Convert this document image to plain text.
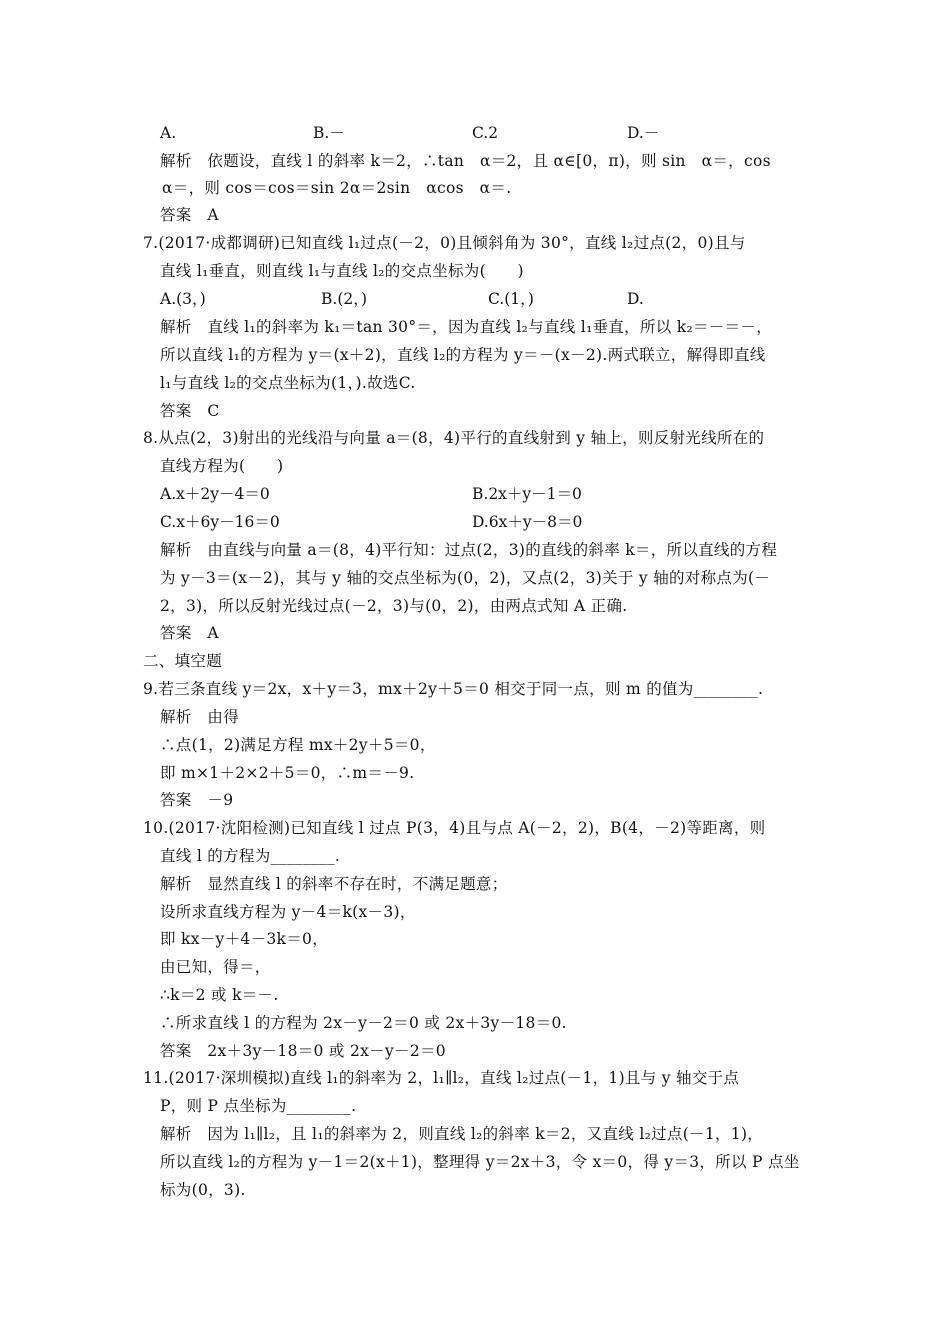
A.	B.－	C.2	D.－
解析　依题设，直线 l 的斜率 k＝2，∴tan　α＝2，且 α∈[0，π)，则 sin　α＝，cos
α＝，则 cos＝cos＝sin 2α＝2sin　αcos　α＝.
答案　A
7.(2017·成都调研)已知直线 l₁过点(－2，0)且倾斜角为 30°，直线 l₂过点(2，0)且与
直线 l₁垂直，则直线 l₁与直线 l₂的交点坐标为(　　)
A.(3，)	B.(2，)	C.(1，)	D.
解析　直线 l₁的斜率为 k₁＝tan 30°＝，因为直线 l₂与直线 l₁垂直，所以 k₂＝－＝－，
所以直线 l₁的方程为 y＝(x＋2)，直线 l₂的方程为 y＝－(x－2).两式联立，解得即直线
l₁与直线 l₂的交点坐标为(1，).故选C.
答案　C
8.从点(2，3)射出的光线沿与向量 a＝(8，4)平行的直线射到 y 轴上，则反射光线所在的
直线方程为(　　)
A.x＋2y－4＝0	B.2x＋y－1＝0
C.x＋6y－16＝0	D.6x＋y－8＝0
解析　由直线与向量 a＝(8，4)平行知：过点(2，3)的直线的斜率 k＝，所以直线的方程
为 y－3＝(x－2)，其与 y 轴的交点坐标为(0，2)，又点(2，3)关于 y 轴的对称点为(－
2，3)，所以反射光线过点(－2，3)与(0，2)，由两点式知 A 正确.
答案　A
二、填空题
9.若三条直线 y＝2x，x＋y＝3，mx＋2y＋5＝0 相交于同一点，则 m 的值为________.
解析　由得
∴点(1，2)满足方程 mx＋2y＋5＝0，
即 m×1＋2×2＋5＝0，∴m＝－9.
答案　－9
10.(2017·沈阳检测)已知直线 l 过点 P(3，4)且与点 A(－2，2)，B(4，－2)等距离，则
直线 l 的方程为________.
解析　显然直线 l 的斜率不存在时，不满足题意；
设所求直线方程为 y－4＝k(x－3)，
即 kx－y＋4－3k＝0，
由已知，得＝，
∴k＝2 或 k＝－.
∴所求直线 l 的方程为 2x－y－2＝0 或 2x＋3y－18＝0.
答案　2x＋3y－18＝0 或 2x－y－2＝0
11.(2017·深圳模拟)直线 l₁的斜率为 2，l₁∥l₂，直线 l₂过点(－1，1)且与 y 轴交于点
P，则 P 点坐标为________.
解析　因为 l₁∥l₂，且 l₁的斜率为 2，则直线 l₂的斜率 k＝2，又直线 l₂过点(－1，1)，
所以直线 l₂的方程为 y－1＝2(x＋1)，整理得 y＝2x＋3，令 x＝0，得 y＝3，所以 P 点坐
标为(0，3).
